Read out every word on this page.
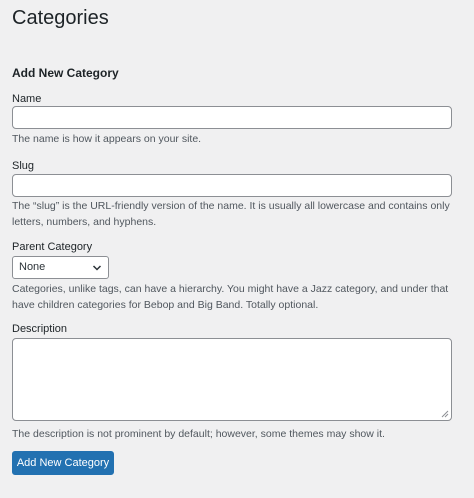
Categories
Add New Category
Name

The name is how it appears on your site.

Slug

The “slug” is the URL-friendly version of the name. It is usually all lowercase and contains only letters, numbers, and hyphens.

Parent Category
None

Categories, unlike tags, can have a hierarchy. You might have a Jazz category, and under that have children categories for Bebop and Big Band. Totally optional.

Description

The description is not prominent by default; however, some themes may show it.

Add New Category
